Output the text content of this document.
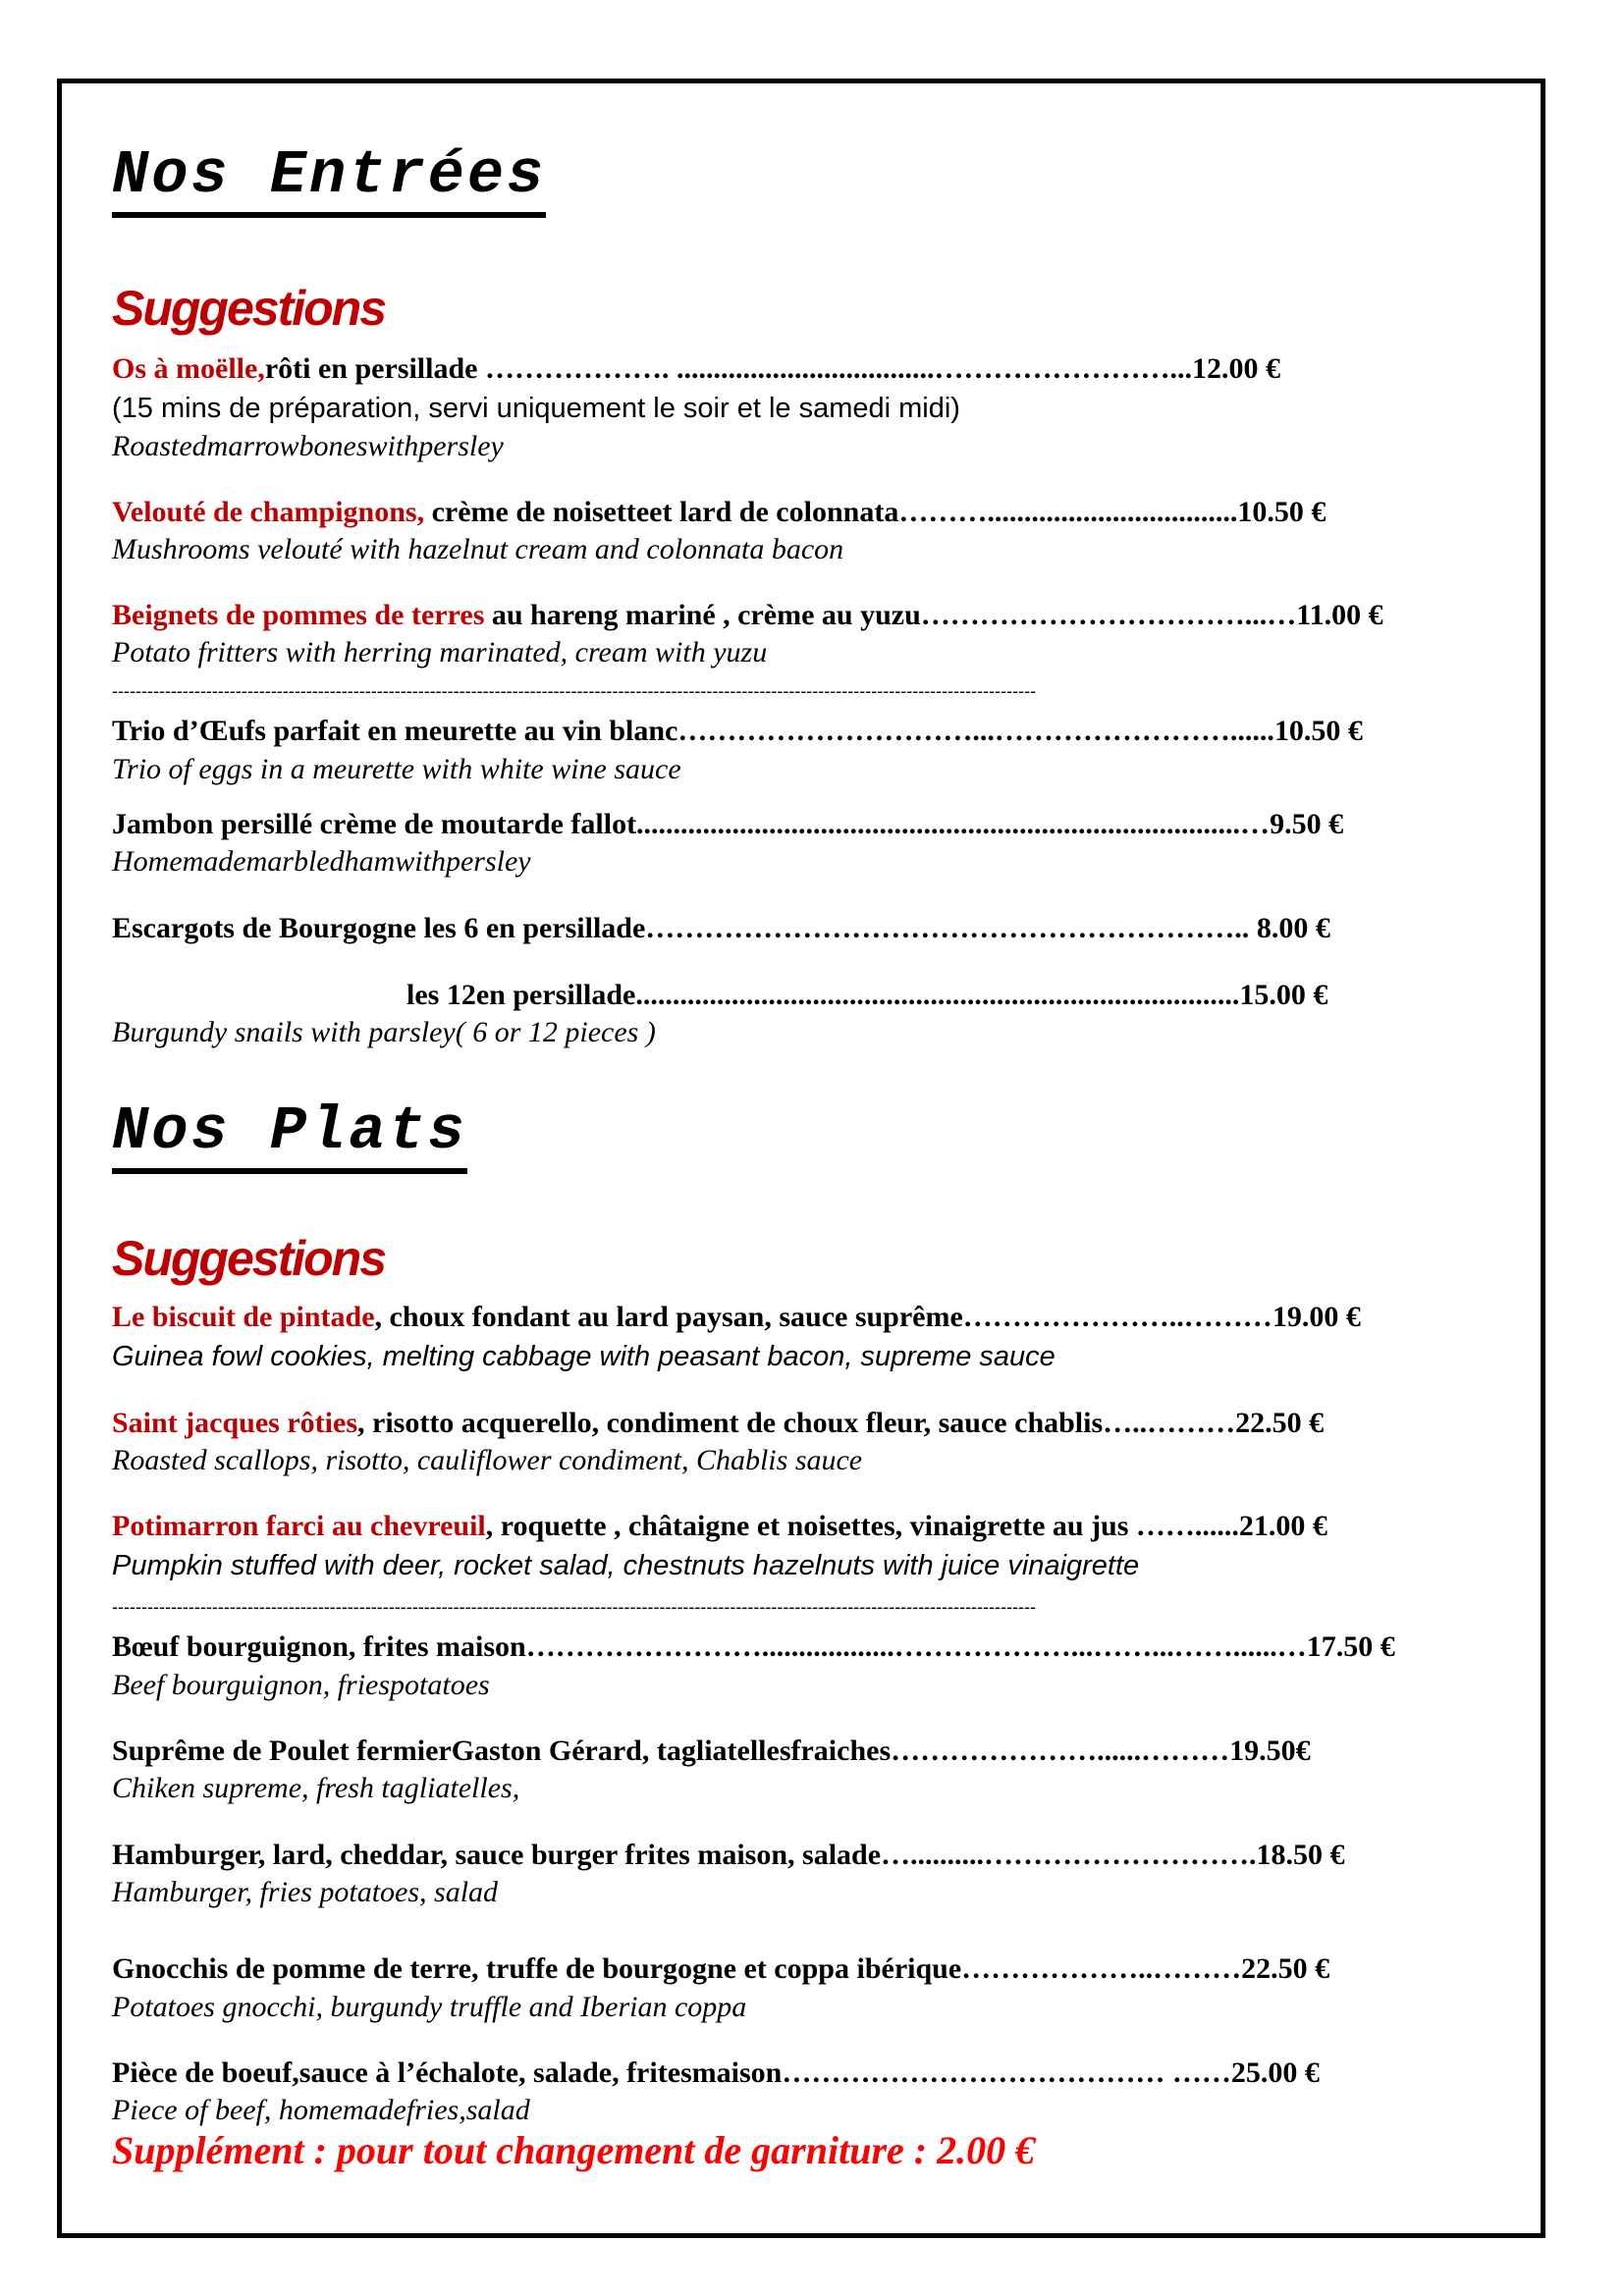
Nos Entrées
Suggestions
Os à moëlle,rôti en persillade ………………. ...................................……………………...12.00 €
(15 mins de préparation, servi uniquement le soir et le samedi midi)
Roastedmarrowboneswithpersley
Velouté de champignons, crème de noisetteet lard de colonnata………..................................10.50 €
Mushrooms velouté with hazelnut cream and colonnata bacon
Beignets de pommes de terres au hareng mariné , crème au yuzu……………………………...…11.00 €
Potato fritters with herring marinated, cream with yuzu
-------------------------------------------------------------------------------------------------------------------------------------------------------------
Trio d’Œufs parfait en meurette au vin blanc…………………………...……………………......10.50 €
Trio of eggs in a meurette with white wine sauce
Jambon persillé crème de moutarde fallot..................................................................................…9.50 €
Homemademarbledhamwithpersley
Escargots de Bourgogne les 6 en persillade…………………………………………………….. 8.00 €
les 12en persillade..................................................................................15.00 €
Burgundy snails with parsley( 6 or 12 pieces )
Nos Plats
Suggestions
Le biscuit de pintade, choux fondant au lard paysan, sauce suprême…………………..………19.00 €
Guinea fowl cookies, melting cabbage with peasant bacon, supreme sauce
Saint jacques rôties, risotto acquerello, condiment de choux fleur, sauce chablis…..………22.50 €
Roasted scallops, risotto, cauliflower condiment, Chablis sauce
Potimarron farci au chevreuil, roquette , châtaigne et noisettes, vinaigrette au jus ……......21.00 €
Pumpkin stuffed with deer, rocket salad, chestnuts hazelnuts with juice vinaigrette
-------------------------------------------------------------------------------------------------------------------------------------------------------------
Bœuf bourguignon, frites maison……………………..................………………...……...……......…17.50 €
Beef bourguignon, friespotatoes
Suprême de Poulet fermierGaston Gérard, tagliatellesfraiches…………………......………19.50€
Chiken supreme, fresh tagliatelles,
Hamburger, lard, cheddar, sauce burger frites maison, salade…..........……………………….18.50 €
Hamburger, fries potatoes, salad
Gnocchis de pomme de terre, truffe de bourgogne et coppa ibérique………………..………22.50 €
Potatoes gnocchi, burgundy truffle and Iberian coppa
Pièce de boeuf,sauce à l’échalote, salade, fritesmaison………………………………… ……25.00 €
Piece of beef, homemadefries,salad
Supplément : pour tout changement de garniture : 2.00 €
